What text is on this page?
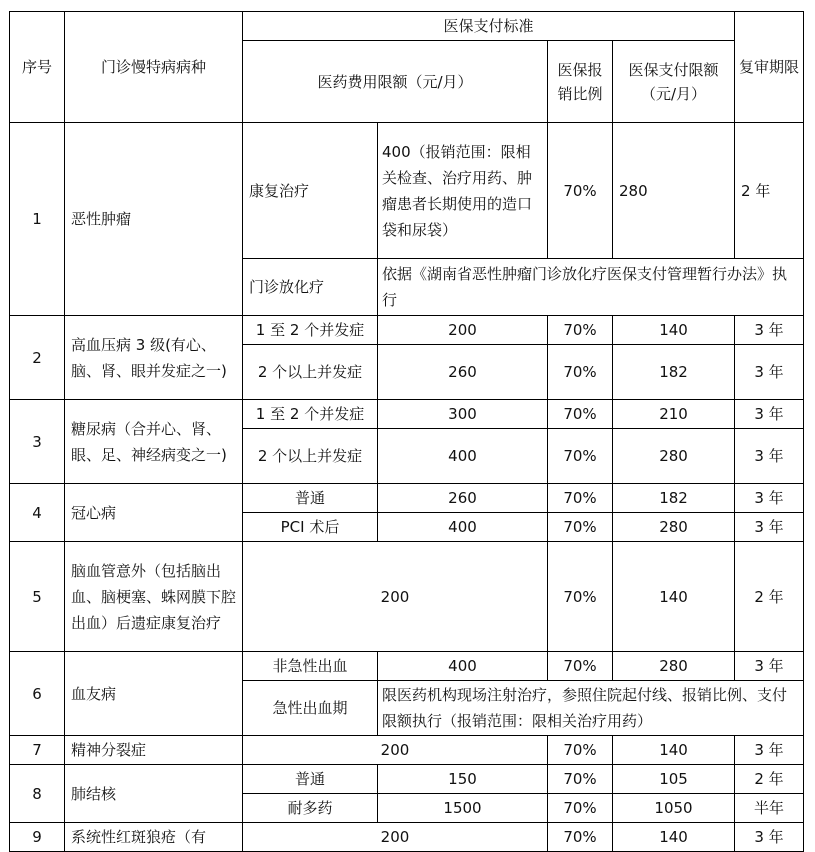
序号	门诊慢特病病种	医保支付标准				复审期限
		医药费用限额（元/月）		医保报销比例	医保支付限额（元/月）	
1	恶性肿瘤	康复治疗	400（报销范围：限相关检查、治疗用药、肿瘤患者长期使用的造口袋和尿袋）	70%	280	2 年
		门诊放化疗	依据《湖南省恶性肿瘤门诊放化疗医保支付管理暂行办法》执行			
2	高血压病 3 级(有心、脑、肾、眼并发症之一)	1 至 2 个并发症	200	70%	140	3 年
		2 个以上并发症	260	70%	182	3 年
3	糖尿病（合并心、肾、眼、足、神经病变之一)	1 至 2 个并发症	300	70%	210	3 年
		2 个以上并发症	400	70%	280	3 年
4	冠心病	普通	260	70%	182	3 年
		PCI 术后	400	70%	280	3 年
5	脑血管意外（包括脑出血、脑梗塞、蛛网膜下腔出血）后遗症康复治疗	200		70%	140	2 年
6	血友病	非急性出血	400	70%	280	3 年
		急性出血期	限医药机构现场注射治疗，参照住院起付线、报销比例、支付限额执行（报销范围：限相关治疗用药）			
7	精神分裂症	200		70%	140	3 年
8	肺结核	普通	150	70%	105	2 年
		耐多药	1500	70%	1050	半年
9	系统性红斑狼疮（有	200		70%	140	3 年
